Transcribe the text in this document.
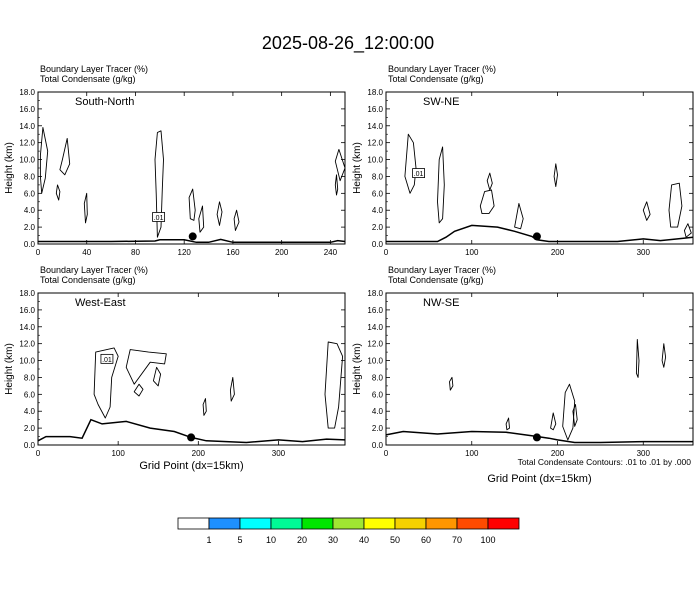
2025-08-26_12:00:00
Boundary Layer Tracer (%)
Total Condensate (g/kg)
.01
South-North
0.0
2.0
4.0
6.0
8.0
10.0
12.0
14.0
16.0
18.0
0	40	80	120	160	200	240
Height (km)
Boundary Layer Tracer (%)
Total Condensate (g/kg)
.01
SW-NE
0.0
2.0
4.0
6.0
8.0
10.0
12.0
14.0
16.0
18.0
0	100	200	300
Height (km)
Boundary Layer Tracer (%)
Total Condensate (g/kg)
.01
West-East
0.0
2.0
4.0
6.0
8.0
10.0
12.0
14.0
16.0
18.0
0	100	200	300
Height (km)
Grid Point (dx=15km)
Boundary Layer Tracer (%)
Total Condensate (g/kg)
NW-SE
0.0
2.0
4.0
6.0
8.0
10.0
12.0
14.0
16.0
18.0
0	100	200	300
Height (km)
Grid Point (dx=15km)
Total Condensate Contours: .01 to .01 by .000
1	5	10 20 30 40 50 60 70 100
